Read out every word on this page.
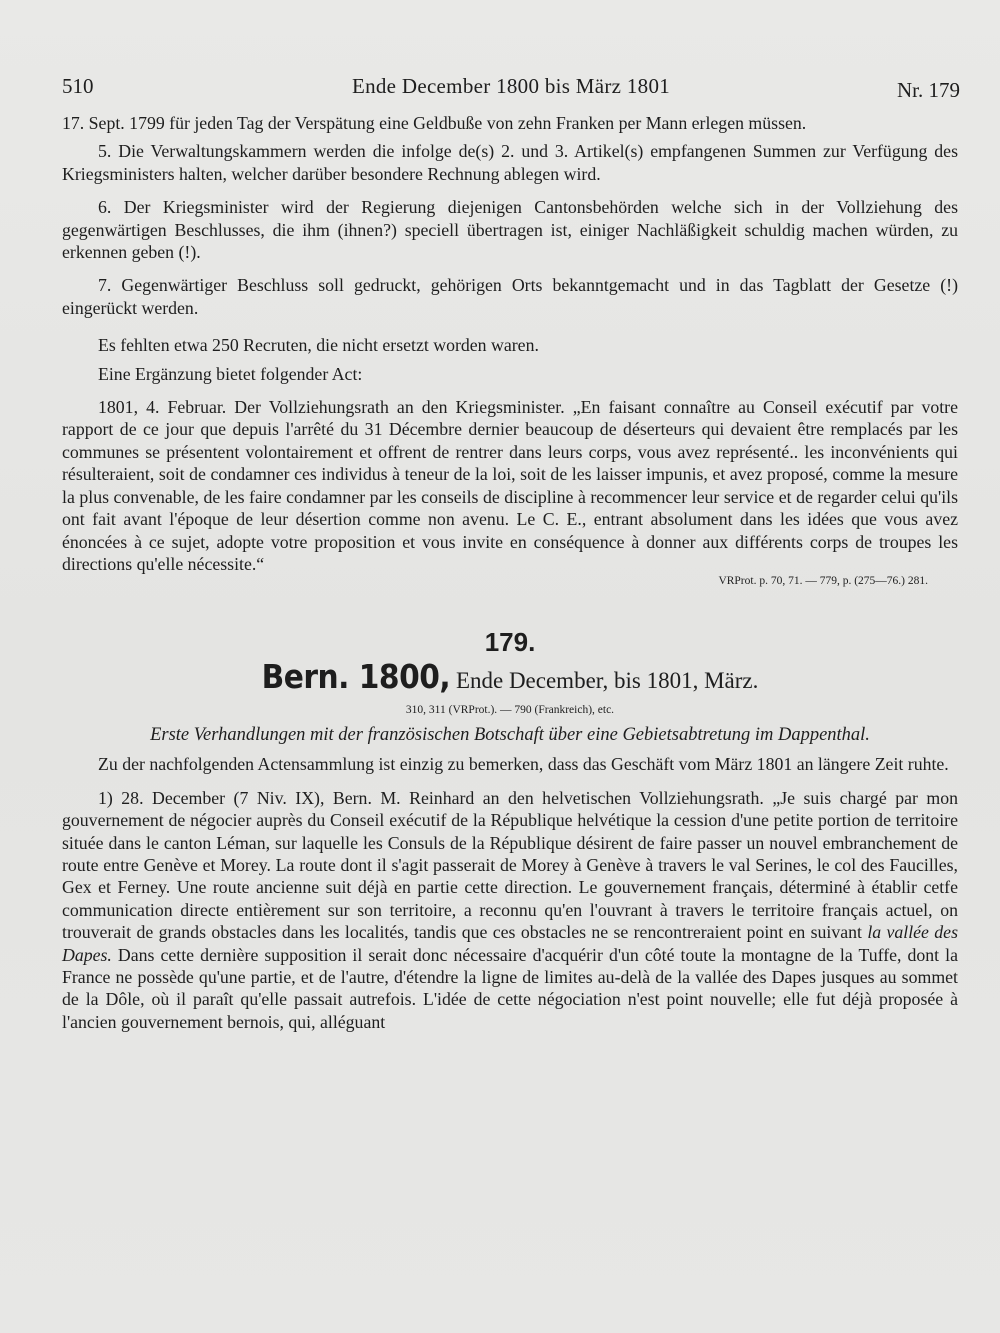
510	Ende December 1800 bis März 1801	Nr. 179

17. Sept. 1799 für jeden Tag der Verspätung eine Geldbuße von zehn Franken per Mann erlegen müssen.

5. Die Verwaltungskammern werden die infolge de(s) 2. und 3. Artikel(s) empfangenen Summen zur Verfügung des Kriegsministers halten, welcher darüber besondere Rechnung ablegen wird.

6. Der Kriegsminister wird der Regierung diejenigen Cantonsbehörden welche sich in der Vollziehung des gegenwärtigen Beschlusses, die ihm (ihnen?) speciell übertragen ist, einiger Nachläßigkeit schuldig machen würden, zu erkennen geben (!).

7. Gegenwärtiger Beschluss soll gedruckt, gehörigen Orts bekanntgemacht und in das Tagblatt der Gesetze (!) eingerückt werden.

Es fehlten etwa 250 Recruten, die nicht ersetzt worden waren.

Eine Ergänzung bietet folgender Act:

1801, 4. Februar. Der Vollziehungsrath an den Kriegsminister. „En faisant connaître au Conseil exécutif par votre rapport de ce jour que depuis l'arrêté du 31 Décembre dernier beaucoup de déserteurs qui devaient être remplacés par les communes se présentent volontairement et offrent de rentrer dans leurs corps, vous avez représenté.. les inconvénients qui résulteraient, soit de condamner ces individus à teneur de la loi, soit de les laisser impunis, et avez proposé, comme la mesure la plus convenable, de les faire condamner par les conseils de discipline à recommencer leur service et de regarder celui qu'ils ont fait avant l'époque de leur désertion comme non avenu. Le C. E., entrant absolument dans les idées que vous avez énoncées à ce sujet, adopte votre proposition et vous invite en conséquence à donner aux différents corps de troupes les directions qu'elle nécessite.“

VRProt. p. 70, 71. — 779, p. (275—76.) 281.

179.

Bern. 1800, Ende December, bis 1801, März.

310, 311 (VRProt.). — 790 (Frankreich), etc.

Erste Verhandlungen mit der französischen Botschaft über eine Gebietsabtretung im Dappenthal.

Zu der nachfolgenden Actensammlung ist einzig zu bemerken, dass das Geschäft vom März 1801 an längere Zeit ruhte.

1) 28. December (7 Niv. IX), Bern. M. Reinhard an den helvetischen Vollziehungsrath. „Je suis chargé par mon gouvernement de négocier auprès du Conseil exécutif de la République helvétique la cession d'une petite portion de territoire située dans le canton Léman, sur laquelle les Consuls de la République désirent de faire passer un nouvel embranchement de route entre Genève et Morey. La route dont il s'agit passerait de Morey à Genève à travers le val Serines, le col des Faucilles, Gex et Ferney. Une route ancienne suit déjà en partie cette direction. Le gouvernement français, déterminé à établir cetfe communication directe entièrement sur son territoire, a reconnu qu'en l'ouvrant à travers le territoire français actuel, on trouverait de grands obstacles dans les localités, tandis que ces obstacles ne se rencontreraient point en suivant la vallée des Dapes. Dans cette dernière supposition il serait donc nécessaire d'acquérir d'un côté toute la montagne de la Tuffe, dont la France ne possède qu'une partie, et de l'autre, d'étendre la ligne de limites au-delà de la vallée des Dapes jusques au sommet de la Dôle, où il paraît qu'elle passait autrefois. L'idée de cette négociation n'est point nouvelle; elle fut déjà proposée à l'ancien gouvernement bernois, qui, alléguant
